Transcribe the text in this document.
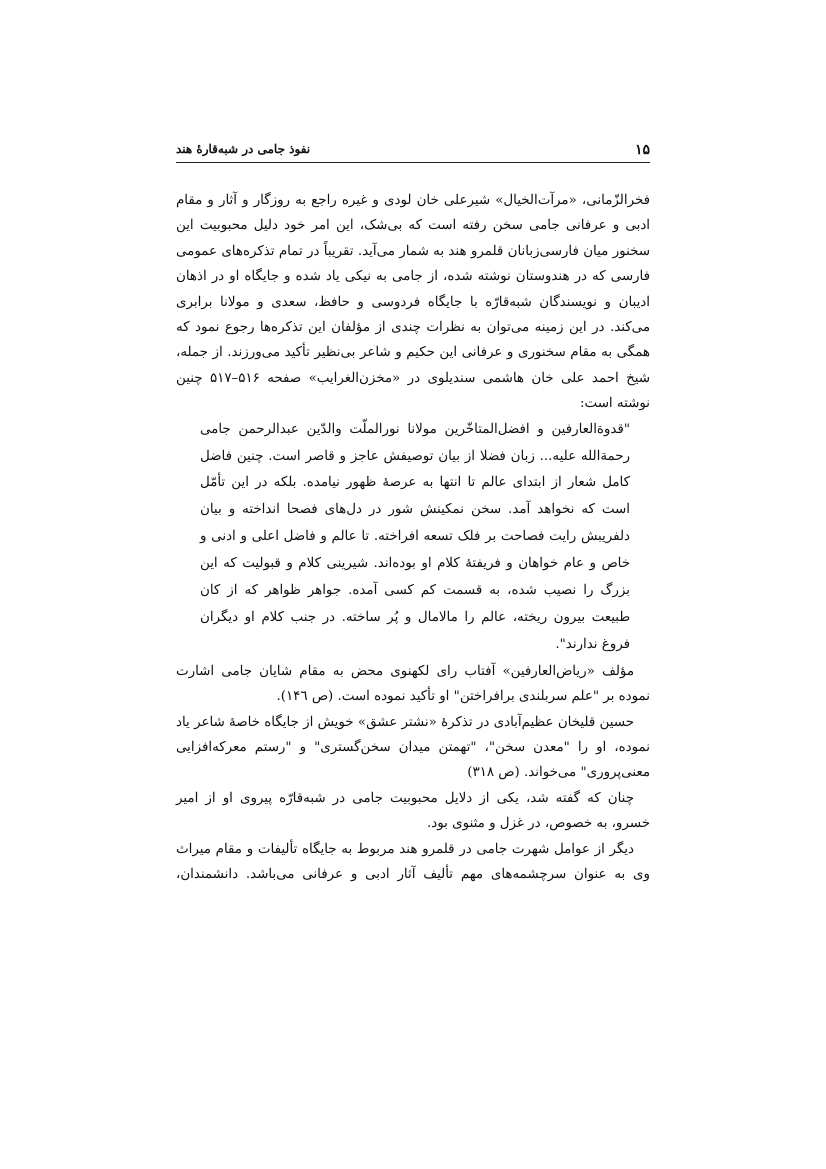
۱۵
نفوذ جامی در شبه‌قارهٔ هند

فخرالزّمانی، «مرآت‌الخیال» شیرعلی خان لودی و غیره راجع به روزگار و آثار و مقام ادبی و عرفانی جامی سخن رفته است که بی‌شک، این امر خود دلیل محبوبیت این سخنور میان فارسی‌زبانان قلمرو هند به شمار می‌آید. تقریباً در تمام تذکره‌های عمومی فارسی که در هندوستان نوشته شده، از جامی به نیکی یاد شده و جایگاه او در اذهان ادیبان و نویسندگان شبه‌قارّه با جایگاه فردوسی و حافظ، سعدی و مولانا برابری می‌کند. در این زمینه می‌توان به نظرات چندی از مؤلفان این تذکره‌ها رجوع نمود که همگی به مقام سخنوری و عرفانی این حکیم و شاعر بی‌نظیر تأکید می‌ورزند. از جمله، شیخ احمد علی خان هاشمی سندیلوی در «مخزن‌الغرایب» صفحه ۵۱۶–۵۱۷ چنین نوشته است:

"قدوةالعارفین و افضل‌المتاخّرین مولانا نورالملّت والدّین عبدالرحمن جامی رحمةالله علیه... زبان فضلا از بیان توصیفش عاجز و قاصر است. چنین فاضل کامل شعار از ابتدای عالم تا انتها به عرصهٔ ظهور نیامده. بلکه در این تأمّل است که نخواهد آمد. سخن نمکینش شور در دل‌های فصحا انداخته و بیان دلفریبش رایت فصاحت بر فلک تسعه افراخته. تا عالم و فاضل اعلی و ادنی و خاص و عام خواهان و فریفتهٔ کلام او بوده‌اند. شیرینی کلام و قبولیت که این بزرگ را نصیب شده، به قسمت کم کسی آمده. جواهر ظواهر که از کان طبیعت بیرون ریخته، عالم را مالامال و پُر ساخته. در جنب کلام او دیگران فروغ ندارند".

مؤلف «ریاض‌العارفین» آفتاب رای لکهنوی محض به مقام شایان جامی اشارت نموده بر "علم سربلندی برافراختن" او تأکید نموده است. (ص ۱۴٦).

حسین قلیخان عظیم‌آبادی در تذکرهٔ «نشتر عشق» خویش از جایگاه خاصهٔ شاعر یاد نموده، او را "معدن سخن"، "تهمتن میدان سخن‌گستری" و "رستم معرکه‌افزایی معنی‌پروری" می‌خواند. (ص ۳۱۸)

چنان که گفته شد، یکی از دلایل محبوبیت جامی در شبه‌قارّه پیروی او از امیر خسرو، به خصوص، در غزل و مثنوی بود.

دیگر از عوامل شهرت جامی در قلمرو هند مربوط به جایگاه تألیفات و مقام میراث وی به عنوان سرچشمه‌های مهم تألیف آثار ادبی و عرفانی می‌باشد. دانشمندان،
